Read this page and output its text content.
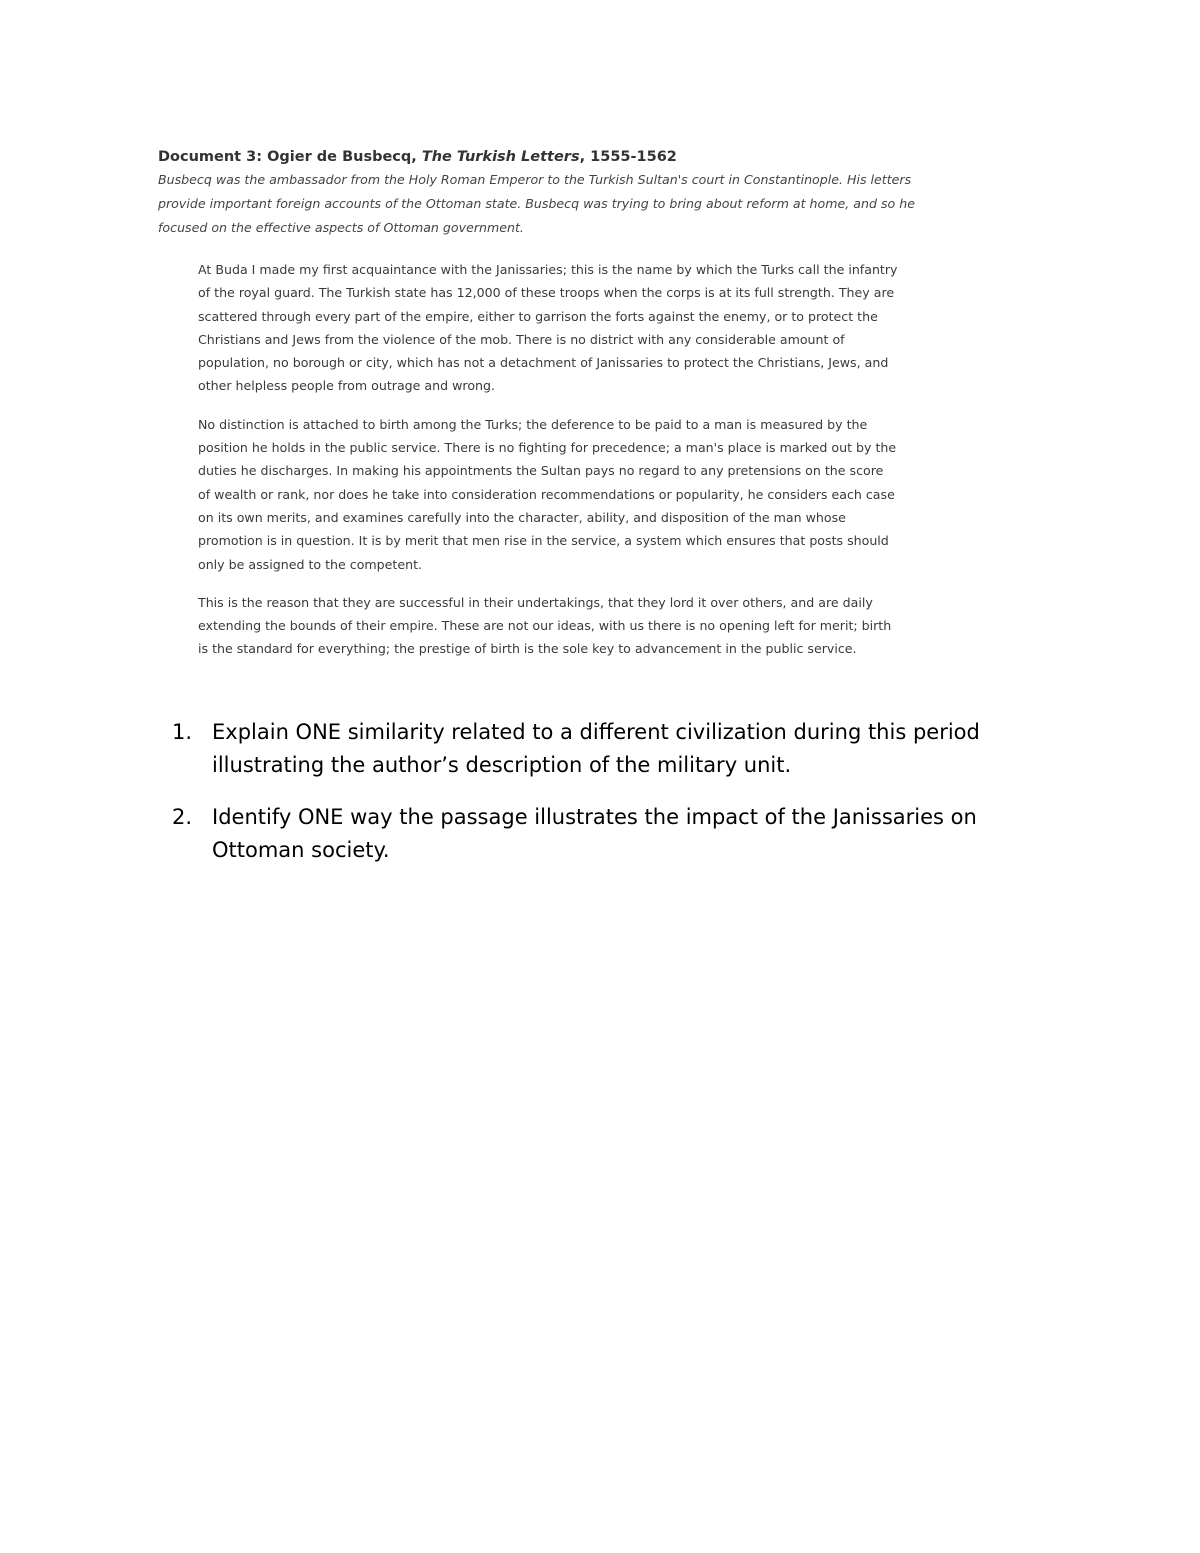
Document 3: Ogier de Busbecq, The Turkish Letters, 1555-1562

Busbecq was the ambassador from the Holy Roman Emperor to the Turkish Sultan's court in Constantinople. His letters provide important foreign accounts of the Ottoman state. Busbecq was trying to bring about reform at home, and so he focused on the effective aspects of Ottoman government.

At Buda I made my first acquaintance with the Janissaries; this is the name by which the Turks call the infantry of the royal guard. The Turkish state has 12,000 of these troops when the corps is at its full strength. They are scattered through every part of the empire, either to garrison the forts against the enemy, or to protect the Christians and Jews from the violence of the mob. There is no district with any considerable amount of population, no borough or city, which has not a detachment of Janissaries to protect the Christians, Jews, and other helpless people from outrage and wrong.

No distinction is attached to birth among the Turks; the deference to be paid to a man is measured by the position he holds in the public service. There is no fighting for precedence; a man's place is marked out by the duties he discharges. In making his appointments the Sultan pays no regard to any pretensions on the score of wealth or rank, nor does he take into consideration recommendations or popularity, he considers each case on its own merits, and examines carefully into the character, ability, and disposition of the man whose promotion is in question. It is by merit that men rise in the service, a system which ensures that posts should only be assigned to the competent.

This is the reason that they are successful in their undertakings, that they lord it over others, and are daily extending the bounds of their empire. These are not our ideas, with us there is no opening left for merit; birth is the standard for everything; the prestige of birth is the sole key to advancement in the public service.

1. Explain ONE similarity related to a different civilization during this period illustrating the author’s description of the military unit.
2. Identify ONE way the passage illustrates the impact of the Janissaries on Ottoman society.
